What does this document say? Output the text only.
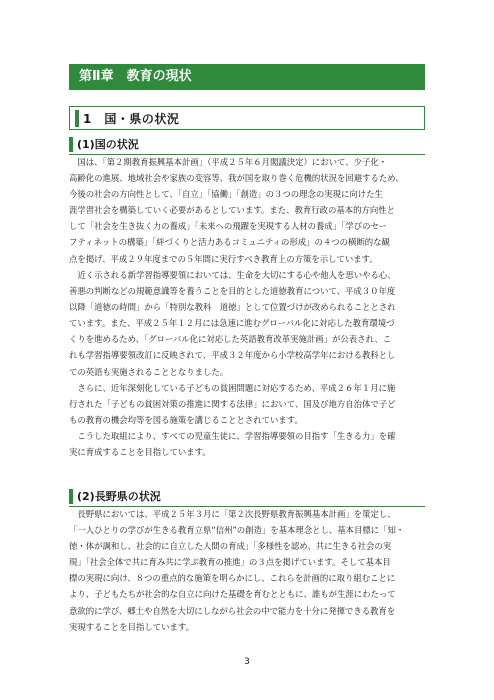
第Ⅱ章　教育の現状
1　国・県の状況
(1)国の状況
　国は、「第２期教育振興基本計画」（平成２５年６月閣議決定）において、少子化・
高齢化の進展、地域社会や家族の変容等、我が国を取り巻く危機的状況を回避するため、
今後の社会の方向性として、「自立」「協働」「創造」の３つの理念の実現に向けた生
涯学習社会を構築していく必要があるとしています。また、教育行政の基本的方向性と
して「社会を生き抜く力の養成」「未来への飛躍を実現する人材の養成」「学びのセー
フティネットの構築」「絆づくりと活力あるコミュニティの形成」の４つの横断的な観
点を掲げ、平成２９年度までの５年間に実行すべき教育上の方策を示しています。
　近く示される新学習指導要領においては、生命を大切にする心や他人を思いやる心、
善悪の判断などの規範意識等を養うことを目的とした道徳教育について、平成３０年度
以降「道徳の時間」から「特別な教科　道徳」として位置づけが改められることとされ
ています。また、平成２５年１２月には急速に進むグローバル化に対応した教育環境づ
くりを進めるため、「グローバル化に対応した英語教育改革実施計画」が公表され、こ
れも学習指導要領改訂に反映されて、平成３２年度から小学校高学年における教科とし
ての英語も実施されることとなりました。
　さらに、近年深刻化している子どもの貧困問題に対応するため、平成２６年１月に施
行された「子どもの貧困対策の推進に関する法律」において、国及び地方自治体で子ど
もの教育の機会均等を図る施策を講じることとされています。
　こうした取組により、すべての児童生徒に、学習指導要領の目指す「生きる力」を確
実に育成することを目指しています。
(2)長野県の状況
　長野県においては、平成２５年３月に「第２次長野県教育振興基本計画」を策定し、
「一人ひとりの学びが生きる教育立県“信州”の創造」を基本理念とし、基本目標に「知・
徳・体が調和し、社会的に自立した人間の育成」「多様性を認め、共に生きる社会の実
現」「社会全体で共に育み共に学ぶ教育の推進」の３点を掲げています。そして基本目
標の実現に向け、８つの重点的な施策を明らかにし、これらを計画的に取り組むことに
より、子どもたちが社会的な自立に向けた基礎を育むとともに、誰もが生涯にわたって
意欲的に学び、郷土や自然を大切にしながら社会の中で能力を十分に発揮できる教育を
実現することを目指しています。
3
